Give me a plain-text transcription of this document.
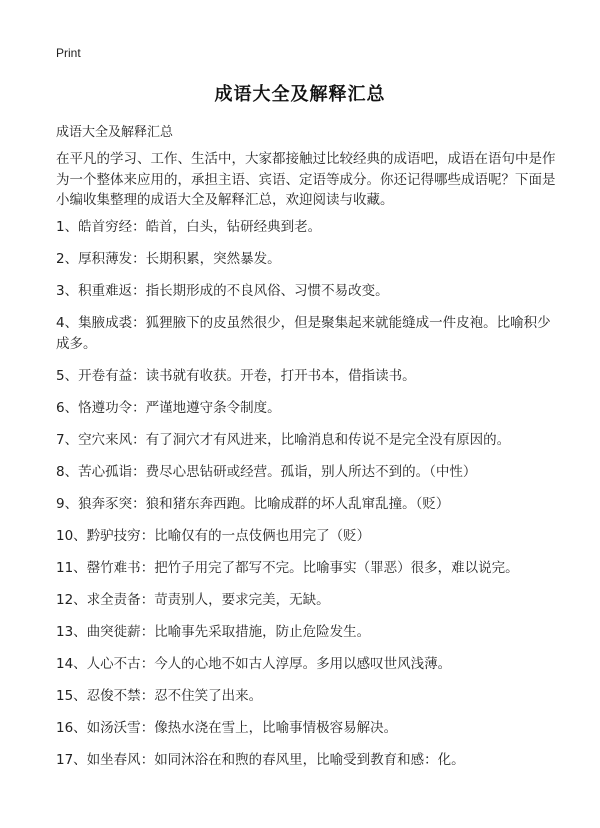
Print
成语大全及解释汇总
成语大全及解释汇总
在平凡的学习、工作、生活中，大家都接触过比较经典的成语吧，成语在语句中是作为一个整体来应用的，承担主语、宾语、定语等成分。你还记得哪些成语呢？下面是小编收集整理的成语大全及解释汇总，欢迎阅读与收藏。
1、皓首穷经：皓首，白头，钻研经典到老。
2、厚积薄发：长期积累，突然暴发。
3、积重难返：指长期形成的不良风俗、习惯不易改变。
4、集腋成裘：狐狸腋下的皮虽然很少，但是聚集起来就能缝成一件皮袍。比喻积少成多。
5、开卷有益：读书就有收获。开卷，打开书本，借指读书。
6、恪遵功令：严谨地遵守条令制度。
7、空穴来风：有了洞穴才有风进来，比喻消息和传说不是完全没有原因的。
8、苦心孤诣：费尽心思钻研或经营。孤诣，别人所达不到的。（中性）
9、狼奔豕突：狼和猪东奔西跑。比喻成群的坏人乱窜乱撞。（贬）
10、黔驴技穷：比喻仅有的一点伎俩也用完了（贬）
11、罄竹难书：把竹子用完了都写不完。比喻事实（罪恶）很多，难以说完。
12、求全责备：苛责别人，要求完美，无缺。
13、曲突徙薪：比喻事先采取措施，防止危险发生。
14、人心不古：今人的心地不如古人淳厚。多用以感叹世风浅薄。
15、忍俊不禁：忍不住笑了出来。
16、如汤沃雪：像热水浇在雪上，比喻事情极容易解决。
17、如坐春风：如同沐浴在和煦的春风里，比喻受到教育和感：化。
